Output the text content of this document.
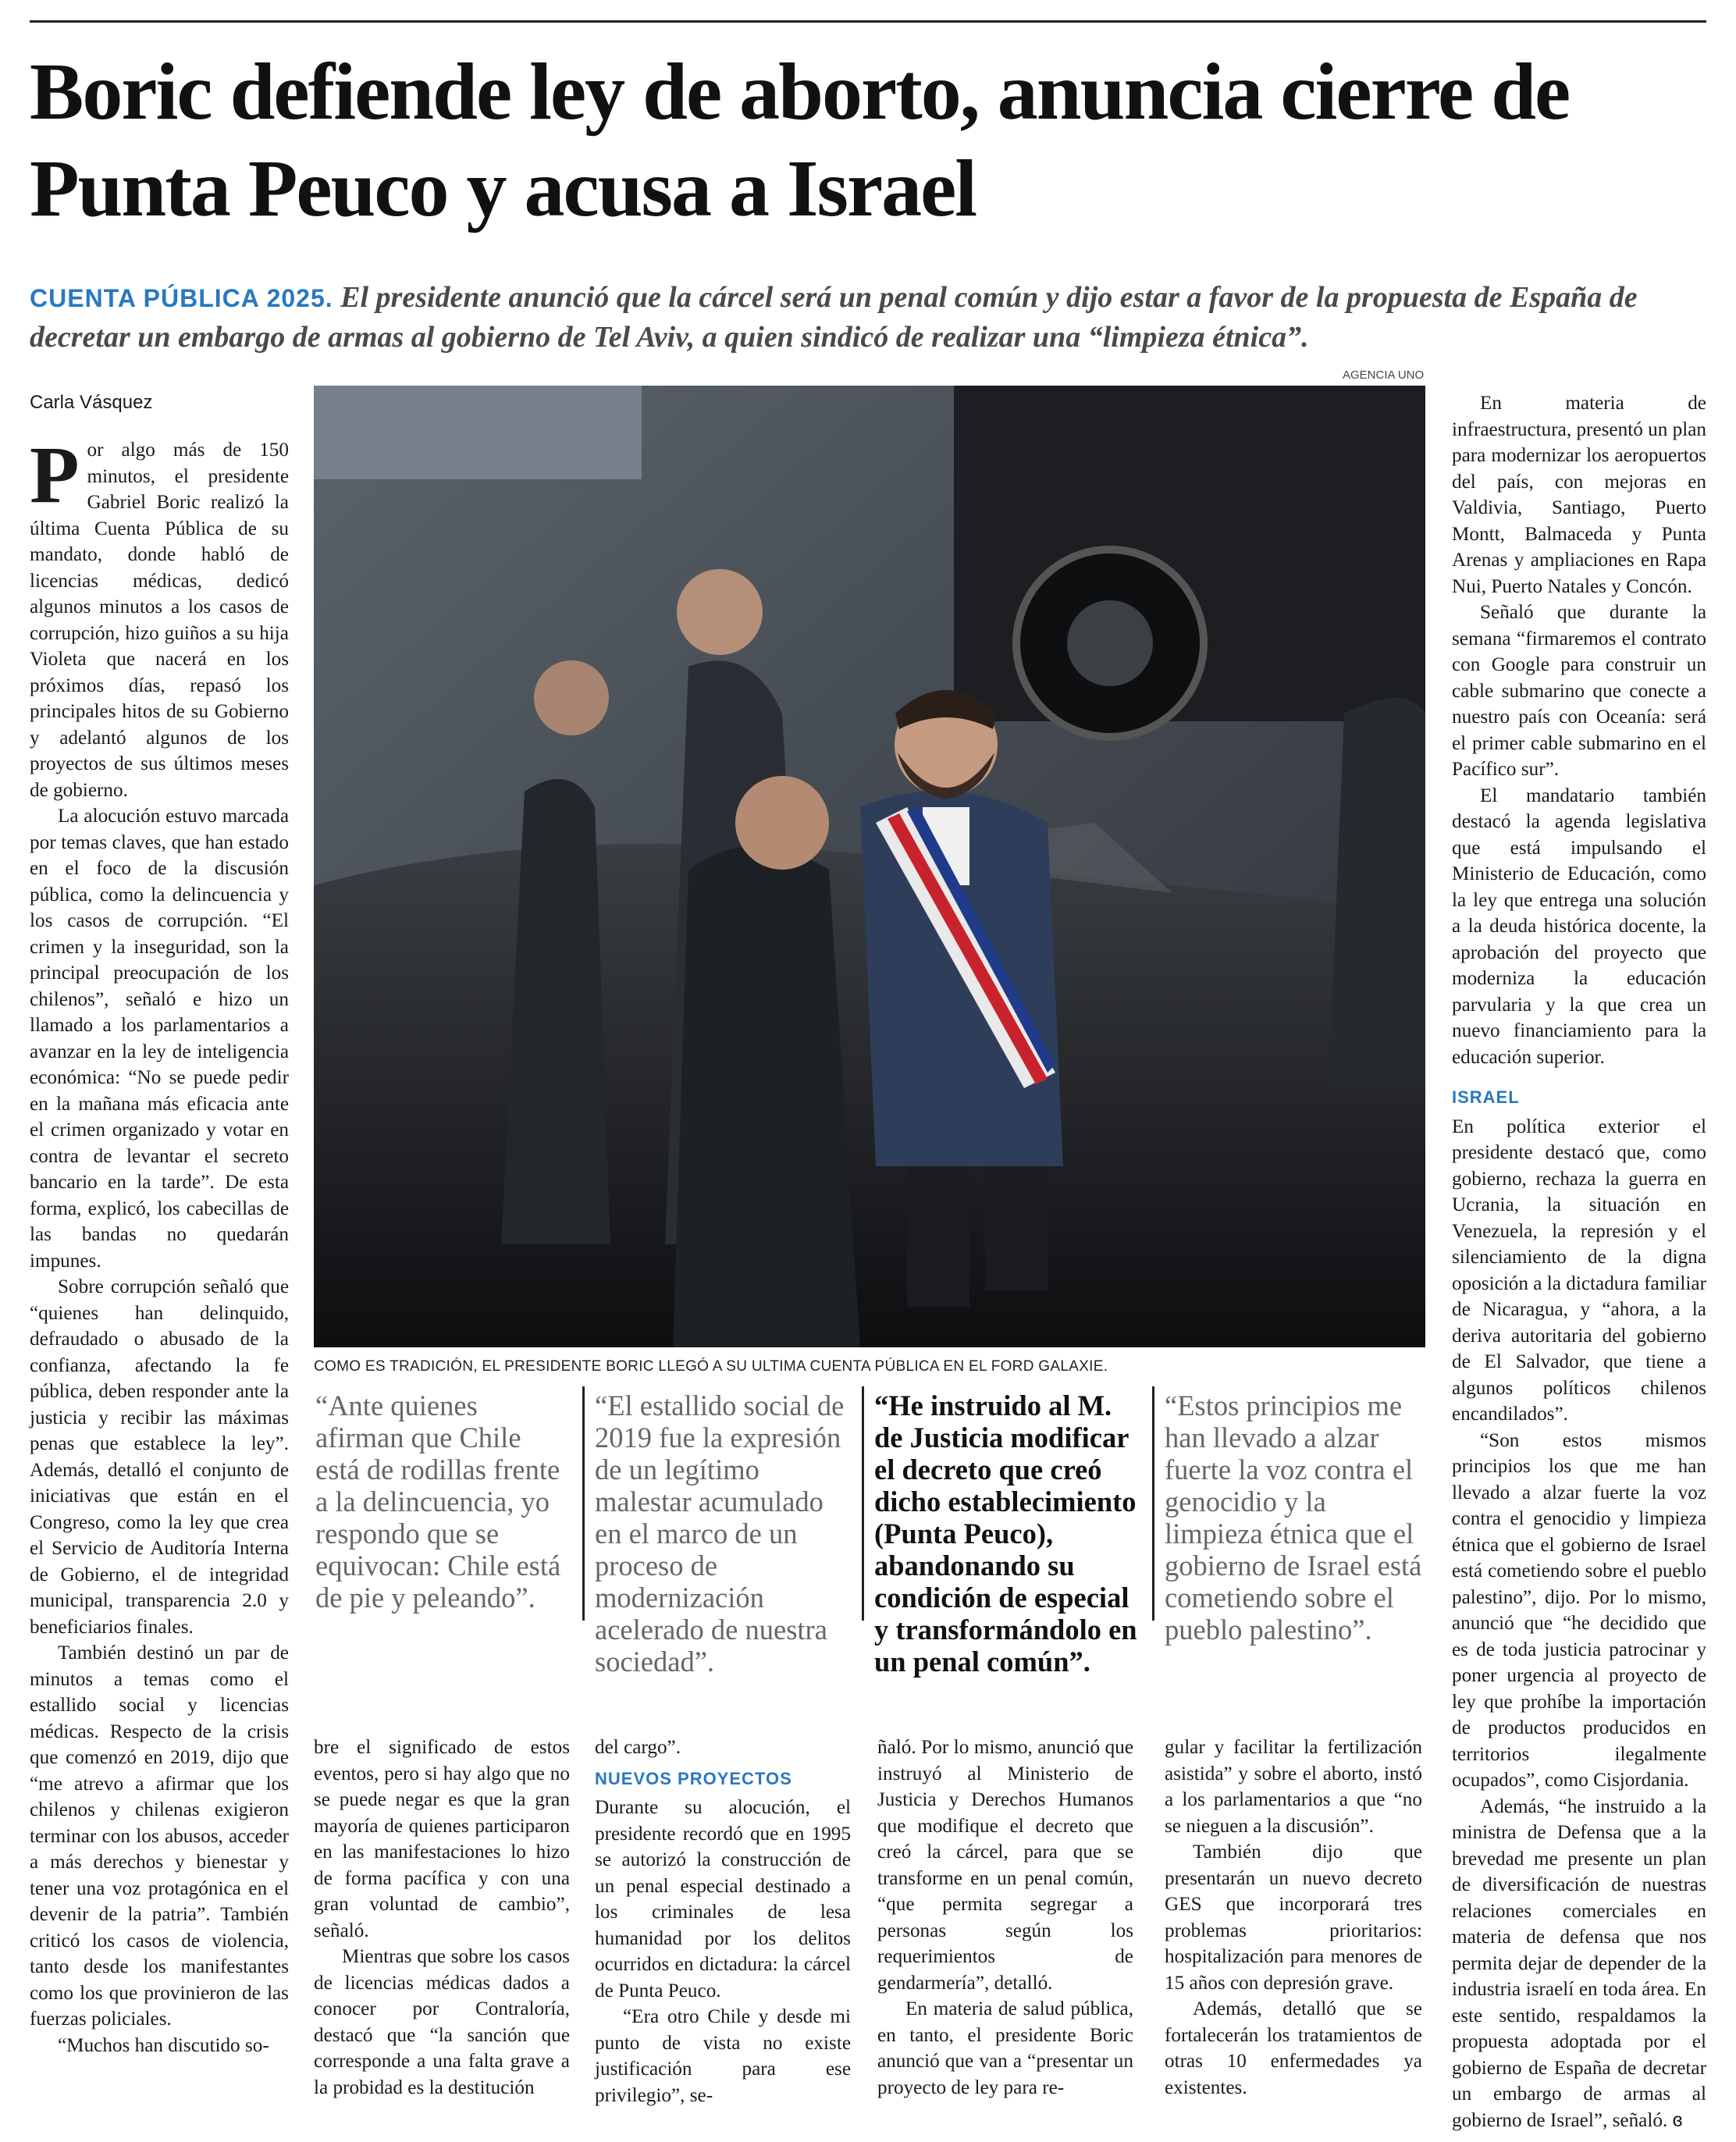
Boric defiende ley de aborto, anuncia cierre de Punta Peuco y acusa a Israel
CUENTA PÚBLICA 2025. El presidente anunció que la cárcel será un penal común y dijo estar a favor de la propuesta de España de decretar un embargo de armas al gobierno de Tel Aviv, a quien sindicó de realizar una “limpieza étnica”.
Carla Vásquez

Por algo más de 150 minutos, el presidente Gabriel Boric realizó la última Cuenta Pública de su mandato, donde habló de licencias médicas, dedicó algunos minutos a los casos de corrupción, hizo guiños a su hija Violeta que nacerá en los próximos días, repasó los principales hitos de su Gobierno y adelantó algunos de los proyectos de sus últimos meses de gobierno.

La alocución estuvo marcada por temas claves, que han estado en el foco de la discusión pública, como la delincuencia y los casos de corrupción. “El crimen y la inseguridad, son la principal preocupación de los chilenos”, señaló e hizo un llamado a los parlamentarios a avanzar en la ley de inteligencia económica: “No se puede pedir en la mañana más eficacia ante el crimen organizado y votar en contra de levantar el secreto bancario en la tarde”. De esta forma, explicó, los cabecillas de las bandas no quedarán impunes.

Sobre corrupción señaló que “quienes han delinquido, defraudado o abusado de la confianza, afectando la fe pública, deben responder ante la justicia y recibir las máximas penas que establece la ley”. Además, detalló el conjunto de iniciativas que están en el Congreso, como la ley que crea el Servicio de Auditoría Interna de Gobierno, el de integridad municipal, transparencia 2.0 y beneficiarios finales.

También destinó un par de minutos a temas como el estallido social y licencias médicas. Respecto de la crisis que comenzó en 2019, dijo que “me atrevo a afirmar que los chilenos y chilenas exigieron terminar con los abusos, acceder a más derechos y bienestar y tener una voz protagónica en el devenir de la patria”. También criticó los casos de violencia, tanto desde los manifestantes como los que provinieron de las fuerzas policiales.

“Muchos han discutido so-

AGENCIA UNO
COMO ES TRADICIÓN, EL PRESIDENTE BORIC LLEGÓ A SU ULTIMA CUENTA PÚBLICA EN EL FORD GALAXIE.
“Ante quienes afirman que Chile está de rodillas frente a la delincuencia, yo respondo que se equivocan: Chile está de pie y peleando”.
“El estallido social de 2019 fue la expresión de un legítimo malestar acumulado en el marco de un proceso de modernización acelerado de nuestra sociedad”.
“He instruido al M. de Justicia modificar el decreto que creó dicho establecimiento (Punta Peuco), abandonando su condición de especial y transformándolo en un penal común”.
“Estos principios me han llevado a alzar fuerte la voz contra el genocidio y la limpieza étnica que el gobierno de Israel está cometiendo sobre el pueblo palestino”.

bre el significado de estos eventos, pero si hay algo que no se puede negar es que la gran mayoría de quienes participaron en las manifestaciones lo hizo de forma pacífica y con una gran voluntad de cambio”, señaló.

Mientras que sobre los casos de licencias médicas dados a conocer por Contraloría, destacó que “la sanción que corresponde a una falta grave a la probidad es la destitución

del cargo”.

NUEVOS PROYECTOS

Durante su alocución, el presidente recordó que en 1995 se autorizó la construcción de un penal especial destinado a los criminales de lesa humanidad por los delitos ocurridos en dictadura: la cárcel de Punta Peuco.

“Era otro Chile y desde mi punto de vista no existe justificación para ese privilegio”, se-

ñaló. Por lo mismo, anunció que instruyó al Ministerio de Justicia y Derechos Humanos que modifique el decreto que creó la cárcel, para que se transforme en un penal común, “que permita segregar a personas según los requerimientos de gendarmería”, detalló.

En materia de salud pública, en tanto, el presidente Boric anunció que van a “presentar un proyecto de ley para re-

gular y facilitar la fertilización asistida” y sobre el aborto, instó a los parlamentarios a que “no se nieguen a la discusión”.

También dijo que presentarán un nuevo decreto GES que incorporará tres problemas prioritarios: hospitalización para menores de 15 años con depresión grave.

Además, detalló que se fortalecerán los tratamientos de otras 10 enfermedades ya existentes.

En materia de infraestructura, presentó un plan para modernizar los aeropuertos del país, con mejoras en Valdivia, Santiago, Puerto Montt, Balmaceda y Punta Arenas y ampliaciones en Rapa Nui, Puerto Natales y Concón.

Señaló que durante la semana “firmaremos el contrato con Google para construir un cable submarino que conecte a nuestro país con Oceanía: será el primer cable submarino en el Pacífico sur”.

El mandatario también destacó la agenda legislativa que está impulsando el Ministerio de Educación, como la ley que entrega una solución a la deuda histórica docente, la aprobación del proyecto que moderniza la educación parvularia y la que crea un nuevo financiamiento para la educación superior.

ISRAEL

En política exterior el presidente destacó que, como gobierno, rechaza la guerra en Ucrania, la situación en Venezuela, la represión y el silenciamiento de la digna oposición a la dictadura familiar de Nicaragua, y “ahora, a la deriva autoritaria del gobierno de El Salvador, que tiene a algunos políticos chilenos encandilados”.

“Son estos mismos principios los que me han llevado a alzar fuerte la voz contra el genocidio y limpieza étnica que el gobierno de Israel está cometiendo sobre el pueblo palestino”, dijo. Por lo mismo, anunció que “he decidido que es de toda justicia patrocinar y poner urgencia al proyecto de ley que prohíbe la importación de productos producidos en territorios ilegalmente ocupados”, como Cisjordania.

Además, “he instruido a la ministra de Defensa que a la brevedad me presente un plan de diversificación de nuestras relaciones comerciales en materia de defensa que nos permita dejar de depender de la industria israelí en toda área. En este sentido, respaldamos la propuesta adoptada por el gobierno de España de decretar un embargo de armas al gobierno de Israel”, señaló. ɞ
